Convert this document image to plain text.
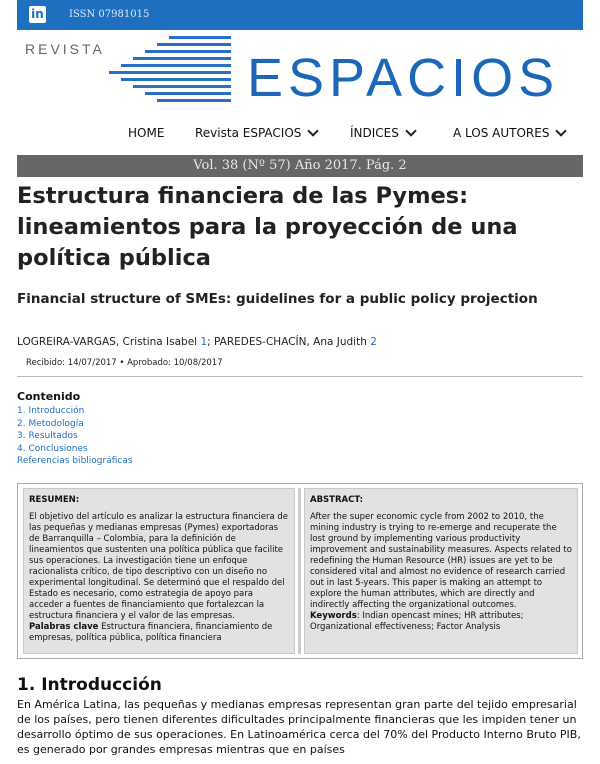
in	ISSN 07981015
REVISTA	ESPACIOS
HOME	Revista ESPACIOS	ÍNDICES	A LOS AUTORES
Vol. 38 (Nº 57) Año 2017. Pág. 2
Estructura financiera de las Pymes: lineamientos para la proyección de una política pública
Financial structure of SMEs: guidelines for a public policy projection
LOGREIRA-VARGAS, Cristina Isabel 1; PAREDES-CHACÍN, Ana Judith 2
Recibido: 14/07/2017 • Aprobado: 10/08/2017
Contenido
1. Introducción
2. Metodología
3. Resultados
4. Conclusiones
Referencias bibliográficas
RESUMEN:

El objetivo del artículo es analizar la estructura financiera de las pequeñas y medianas empresas (Pymes) exportadoras de Barranquilla – Colombia, para la definición de lineamientos que sustenten una política pública que facilite sus operaciones. La investigación tiene un enfoque racionalista crítico, de tipo descriptivo con un diseño no experimental longitudinal. Se determinó que el respaldo del Estado es necesario, como estrategia de apoyo para acceder a fuentes de financiamiento que fortalezcan la estructura financiera y el valor de las empresas.

Palabras clave Estructura financiera, financiamiento de empresas, política pública, política financiera

ABSTRACT:

After the super economic cycle from 2002 to 2010, the mining industry is trying to re-emerge and recuperate the lost ground by implementing various productivity improvement and sustainability measures. Aspects related to redefining the Human Resource (HR) issues are yet to be considered vital and almost no evidence of research carried out in last 5-years. This paper is making an attempt to explore the human attributes, which are directly and indirectly affecting the organizational outcomes.

Keywords: Indian opencast mines; HR attributes; Organizational effectiveness; Factor Analysis

1. Introducción

En América Latina, las pequeñas y medianas empresas representan gran parte del tejido empresarial de los países, pero tienen diferentes dificultades principalmente financieras que les impiden tener un desarrollo óptimo de sus operaciones. En Latinoamérica cerca del 70% del Producto Interno Bruto PIB, es generado por grandes empresas mientras que en países
